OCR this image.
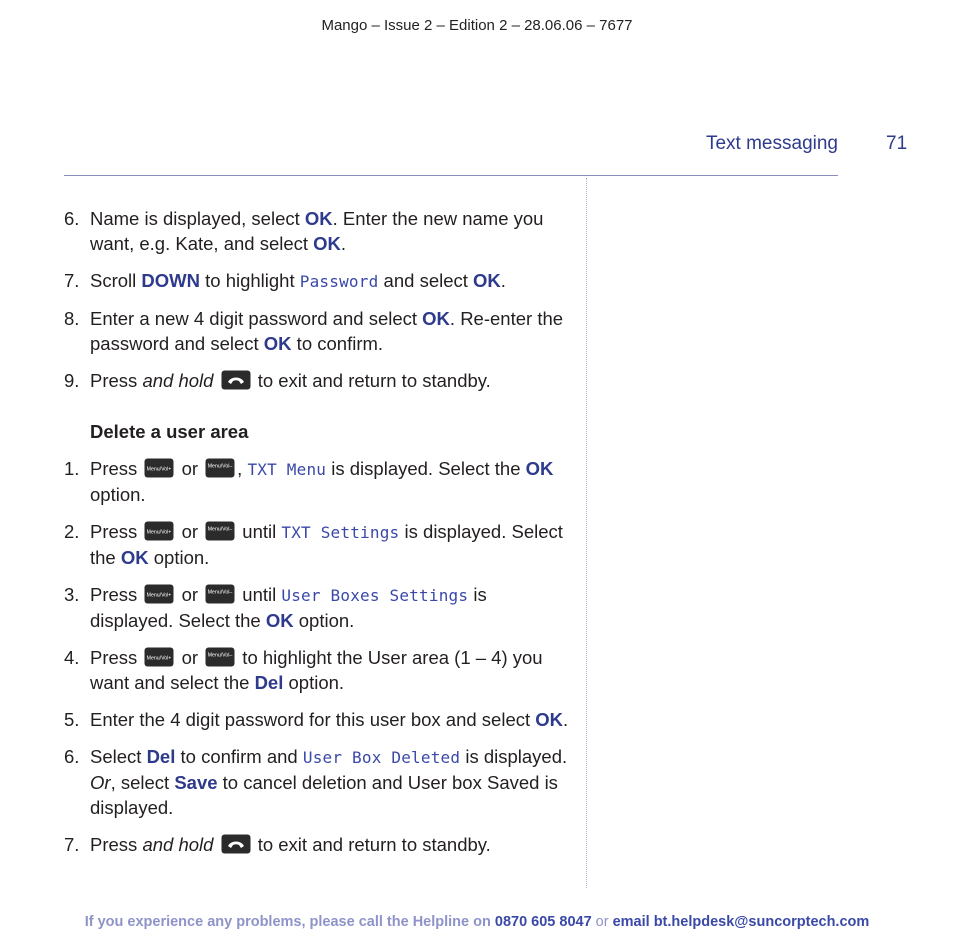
Mango – Issue 2 – Edition 2 – 28.06.06 – 7677
Text messaging	71
6. Name is displayed, select OK. Enter the new name you want, e.g. Kate, and select OK.
7. Scroll DOWN to highlight Password and select OK.
8. Enter a new 4 digit password and select OK. Re-enter the password and select OK to confirm.
9. Press and hold
to exit and return to standby.
Delete a user area
1. Press Menu/Vol+ or Menu/Vol– , TXT Menu is displayed. Select the OK option.
2. Press Menu/Vol+ or Menu/Vol– until TXT Settings is displayed. Select the OK option.
3. Press Menu/Vol+ or Menu/Vol– until User Boxes Settings is displayed. Select the OK option.
4. Press Menu/Vol+ or Menu/Vol– to highlight the User area (1 – 4) you want and select the Del option.
5. Enter the 4 digit password for this user box and select OK.
6. Select Del to confirm and User Box Deleted is displayed. Or, select Save to cancel deletion and User box Saved is displayed.
7. Press and hold
to exit and return to standby.
If you experience any problems, please call the Helpline on 0870 605 8047 or email bt.helpdesk@suncorptech.com
